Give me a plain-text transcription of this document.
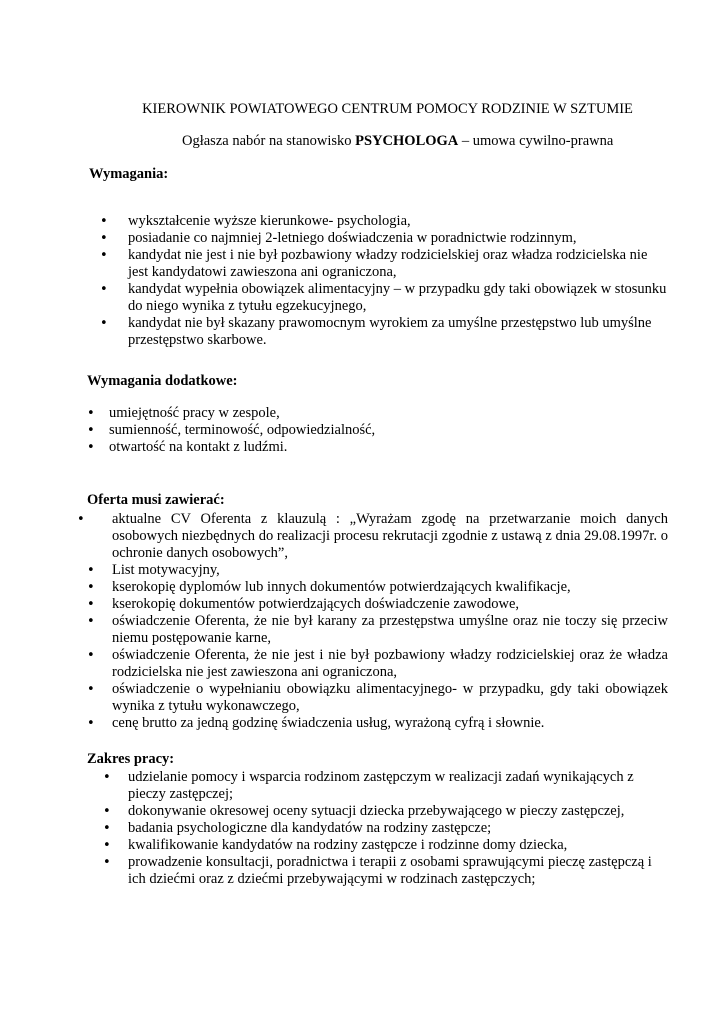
KIEROWNIK POWIATOWEGO CENTRUM POMOCY RODZINIE W SZTUMIE
Ogłasza nabór na stanowisko PSYCHOLOGA – umowa cywilno-prawna
Wymagania:
• wykształcenie wyższe kierunkowe- psychologia,
• posiadanie co najmniej 2-letniego doświadczenia w poradnictwie rodzinnym,
• kandydat nie jest i nie był pozbawiony władzy rodzicielskiej oraz władza rodzicielska nie jest kandydatowi zawieszona ani ograniczona,
• kandydat wypełnia obowiązek alimentacyjny – w przypadku gdy taki obowiązek w stosunku do niego wynika z tytułu egzekucyjnego,
• kandydat nie był skazany prawomocnym wyrokiem za umyślne przestępstwo lub umyślne przestępstwo skarbowe.
Wymagania dodatkowe:
• umiejętność pracy w zespole,
• sumienność, terminowość, odpowiedzialność,
• otwartość na kontakt z ludźmi.
Oferta musi zawierać:
• aktualne CV Oferenta z klauzulą : „Wyrażam zgodę na przetwarzanie moich danych osobowych niezbędnych do realizacji procesu rekrutacji zgodnie z ustawą z dnia 29.08.1997r. o ochronie danych osobowych”,
• List motywacyjny,
• kserokopię dyplomów lub innych dokumentów potwierdzających kwalifikacje,
• kserokopię dokumentów potwierdzających doświadczenie zawodowe,
• oświadczenie Oferenta, że nie był karany za przestępstwa umyślne oraz nie toczy się przeciw niemu postępowanie karne,
• oświadczenie Oferenta, że nie jest i nie był pozbawiony władzy rodzicielskiej oraz że władza rodzicielska nie jest zawieszona ani ograniczona,
• oświadczenie o wypełnianiu obowiązku alimentacyjnego- w przypadku, gdy taki obowiązek wynika z tytułu wykonawczego,
• cenę brutto za jedną godzinę świadczenia usług, wyrażoną cyfrą i słownie.
Zakres pracy:
• udzielanie pomocy i wsparcia rodzinom zastępczym w realizacji zadań wynikających z pieczy zastępczej;
• dokonywanie okresowej oceny sytuacji dziecka przebywającego w pieczy zastępczej,
• badania psychologiczne dla kandydatów na rodziny zastępcze;
• kwalifikowanie kandydatów na rodziny zastępcze i rodzinne domy dziecka,
• prowadzenie konsultacji, poradnictwa i terapii z osobami sprawującymi pieczę zastępczą i ich dziećmi oraz z dziećmi przebywającymi w rodzinach zastępczych;
